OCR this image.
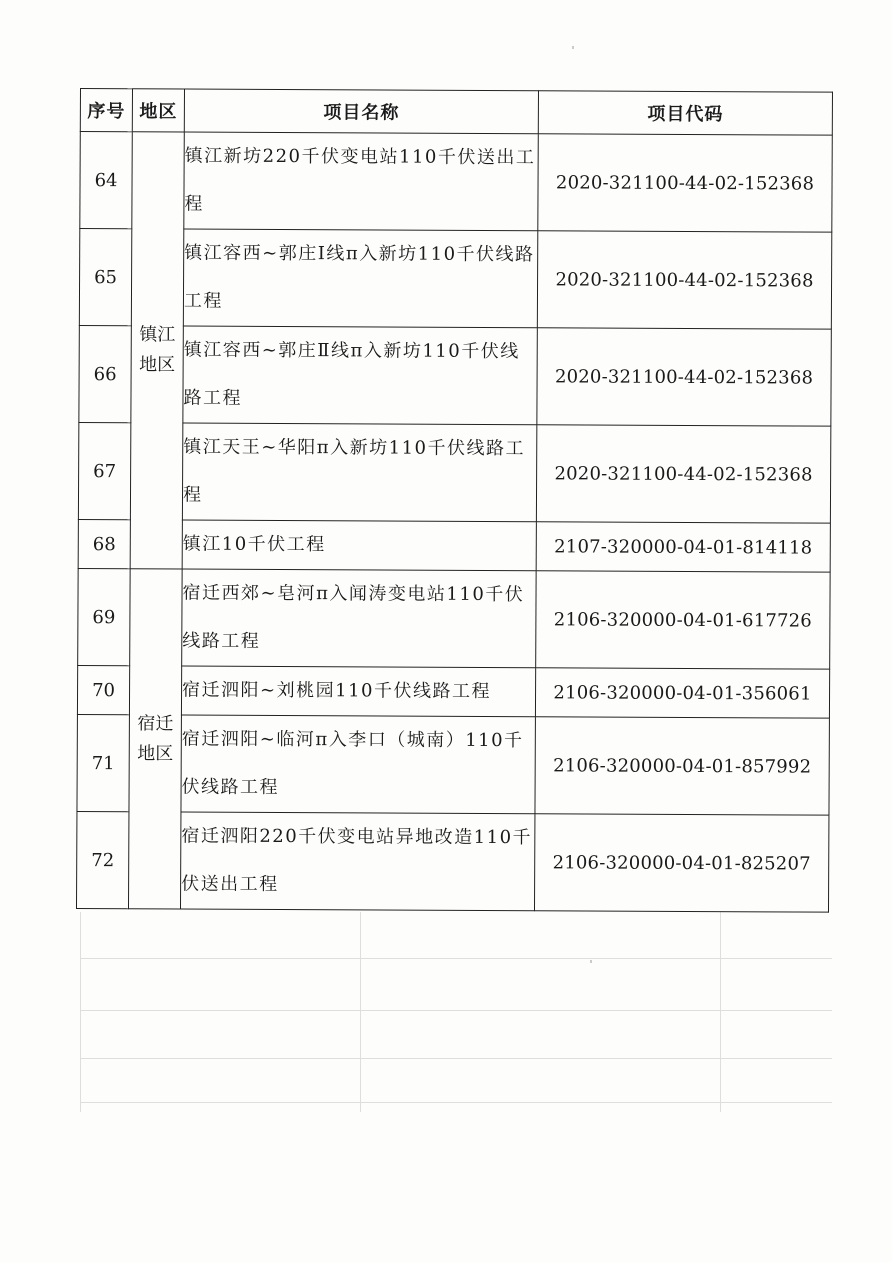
序号	地区	项目名称	项目代码
64	镇江地区	镇江新坊220千伏变电站110千伏送出工程	2020-321100-44-02-152368
65		镇江容西~郭庄Ⅰ线π入新坊110千伏线路工程	2020-321100-44-02-152368
66		镇江容西~郭庄Ⅱ线π入新坊110千伏线路工程	2020-321100-44-02-152368
67		镇江天王~华阳π入新坊110千伏线路工程	2020-321100-44-02-152368
68		镇江10千伏工程	2107-320000-04-01-814118
69	宿迁地区	宿迁西郊~皂河π入闻涛变电站110千伏线路工程	2106-320000-04-01-617726
70		宿迁泗阳~刘桃园110千伏线路工程	2106-320000-04-01-356061
71		宿迁泗阳~临河π入李口（城南）110千伏线路工程	2106-320000-04-01-857992
72		宿迁泗阳220千伏变电站异地改造110千伏送出工程	2106-320000-04-01-825207
